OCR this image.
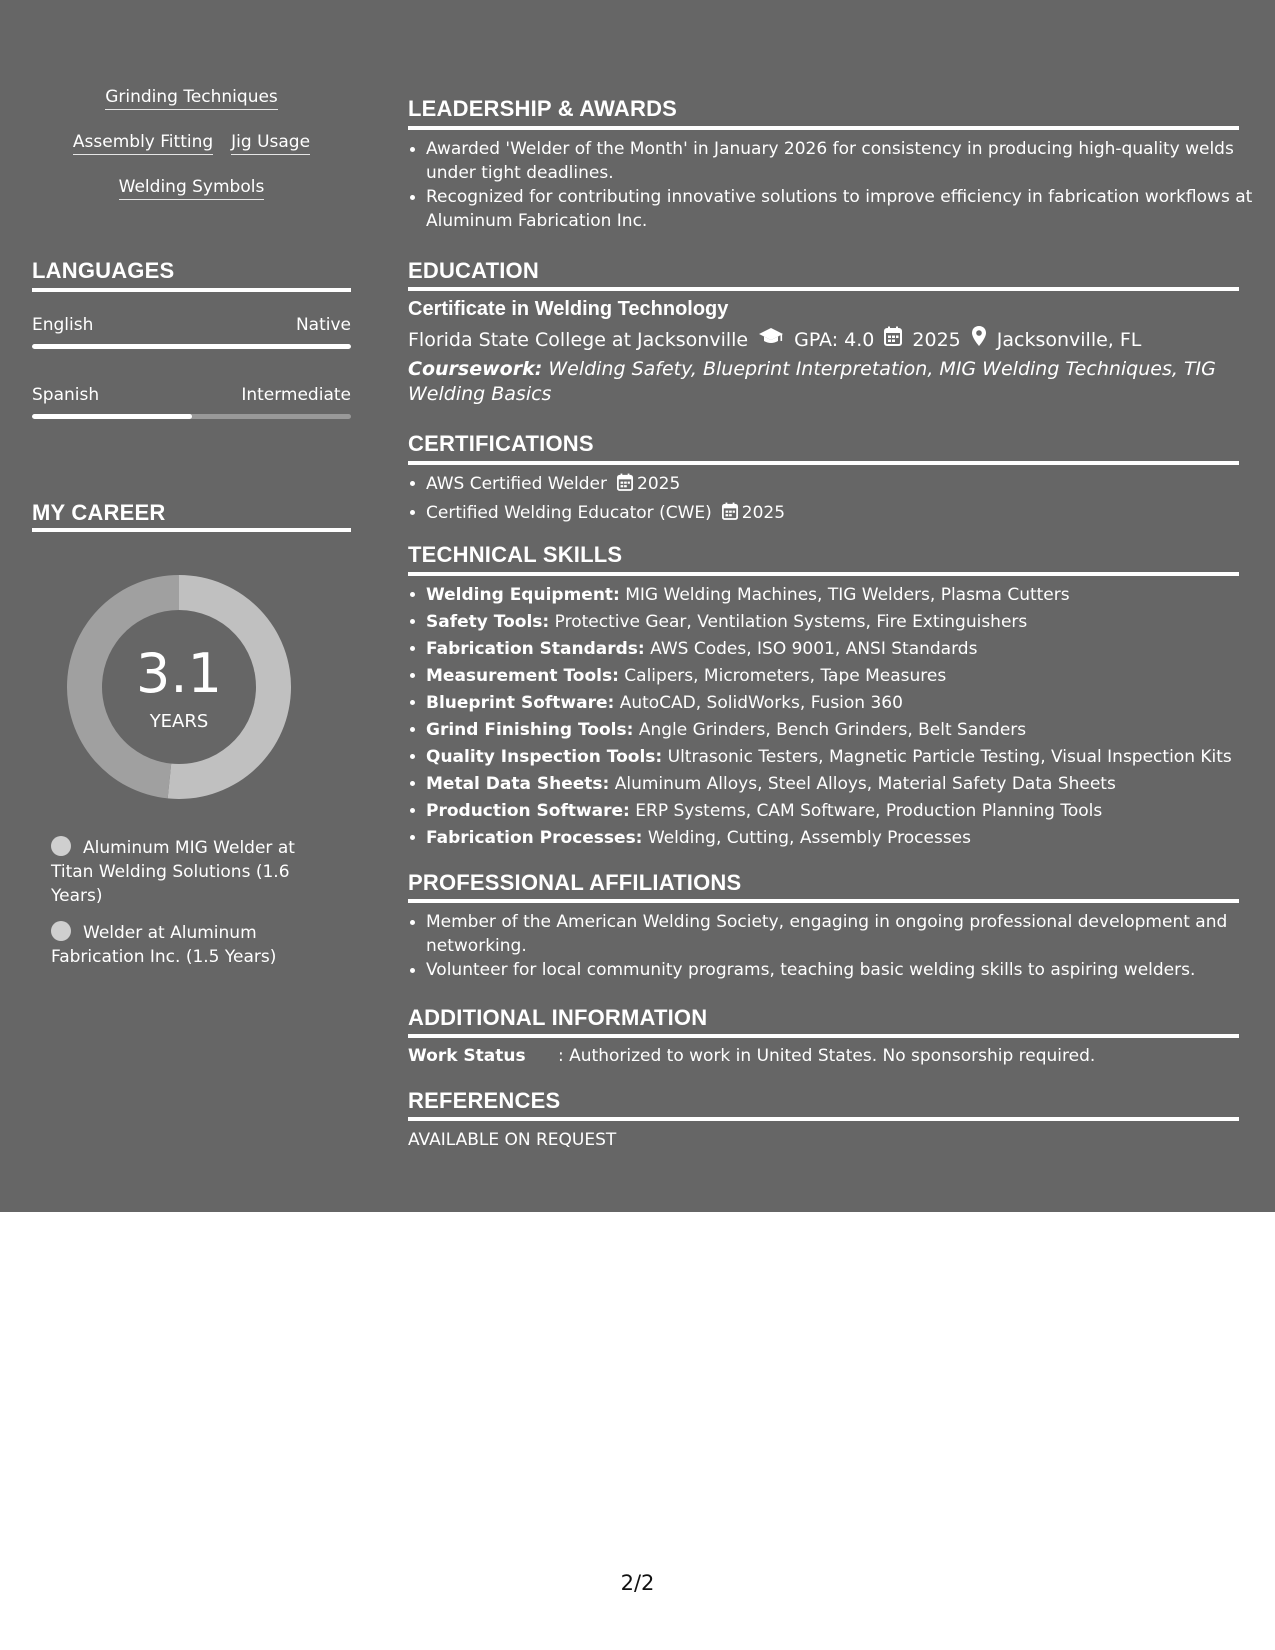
Grinding Techniques
Assembly Fitting Jig Usage
Welding Symbols
LANGUAGES
English	Native
Spanish	Intermediate
MY CAREER
3.1
YEARS
Aluminum MIG Welder at Titan Welding Solutions (1.6 Years)
Welder at Aluminum Fabrication Inc. (1.5 Years)
LEADERSHIP & AWARDS
Awarded 'Welder of the Month' in January 2026 for consistency in producing high-quality welds under tight deadlines.
Recognized for contributing innovative solutions to improve efficiency in fabrication workflows at Aluminum Fabrication Inc.
EDUCATION
Certificate in Welding Technology
Florida State College at Jacksonville GPA: 4.0 2025 Jacksonville, FL
Coursework: Welding Safety, Blueprint Interpretation, MIG Welding Techniques, TIG Welding Basics
CERTIFICATIONS
AWS Certified Welder 2025
Certified Welding Educator (CWE) 2025
TECHNICAL SKILLS
Welding Equipment: MIG Welding Machines, TIG Welders, Plasma Cutters
Safety Tools: Protective Gear, Ventilation Systems, Fire Extinguishers
Fabrication Standards: AWS Codes, ISO 9001, ANSI Standards
Measurement Tools: Calipers, Micrometers, Tape Measures
Blueprint Software: AutoCAD, SolidWorks, Fusion 360
Grind Finishing Tools: Angle Grinders, Bench Grinders, Belt Sanders
Quality Inspection Tools: Ultrasonic Testers, Magnetic Particle Testing, Visual Inspection Kits
Metal Data Sheets: Aluminum Alloys, Steel Alloys, Material Safety Data Sheets
Production Software: ERP Systems, CAM Software, Production Planning Tools
Fabrication Processes: Welding, Cutting, Assembly Processes
PROFESSIONAL AFFILIATIONS
Member of the American Welding Society, engaging in ongoing professional development and networking.
Volunteer for local community programs, teaching basic welding skills to aspiring welders.
ADDITIONAL INFORMATION
Work Status : Authorized to work in United States. No sponsorship required.
REFERENCES
AVAILABLE ON REQUEST
2/2
